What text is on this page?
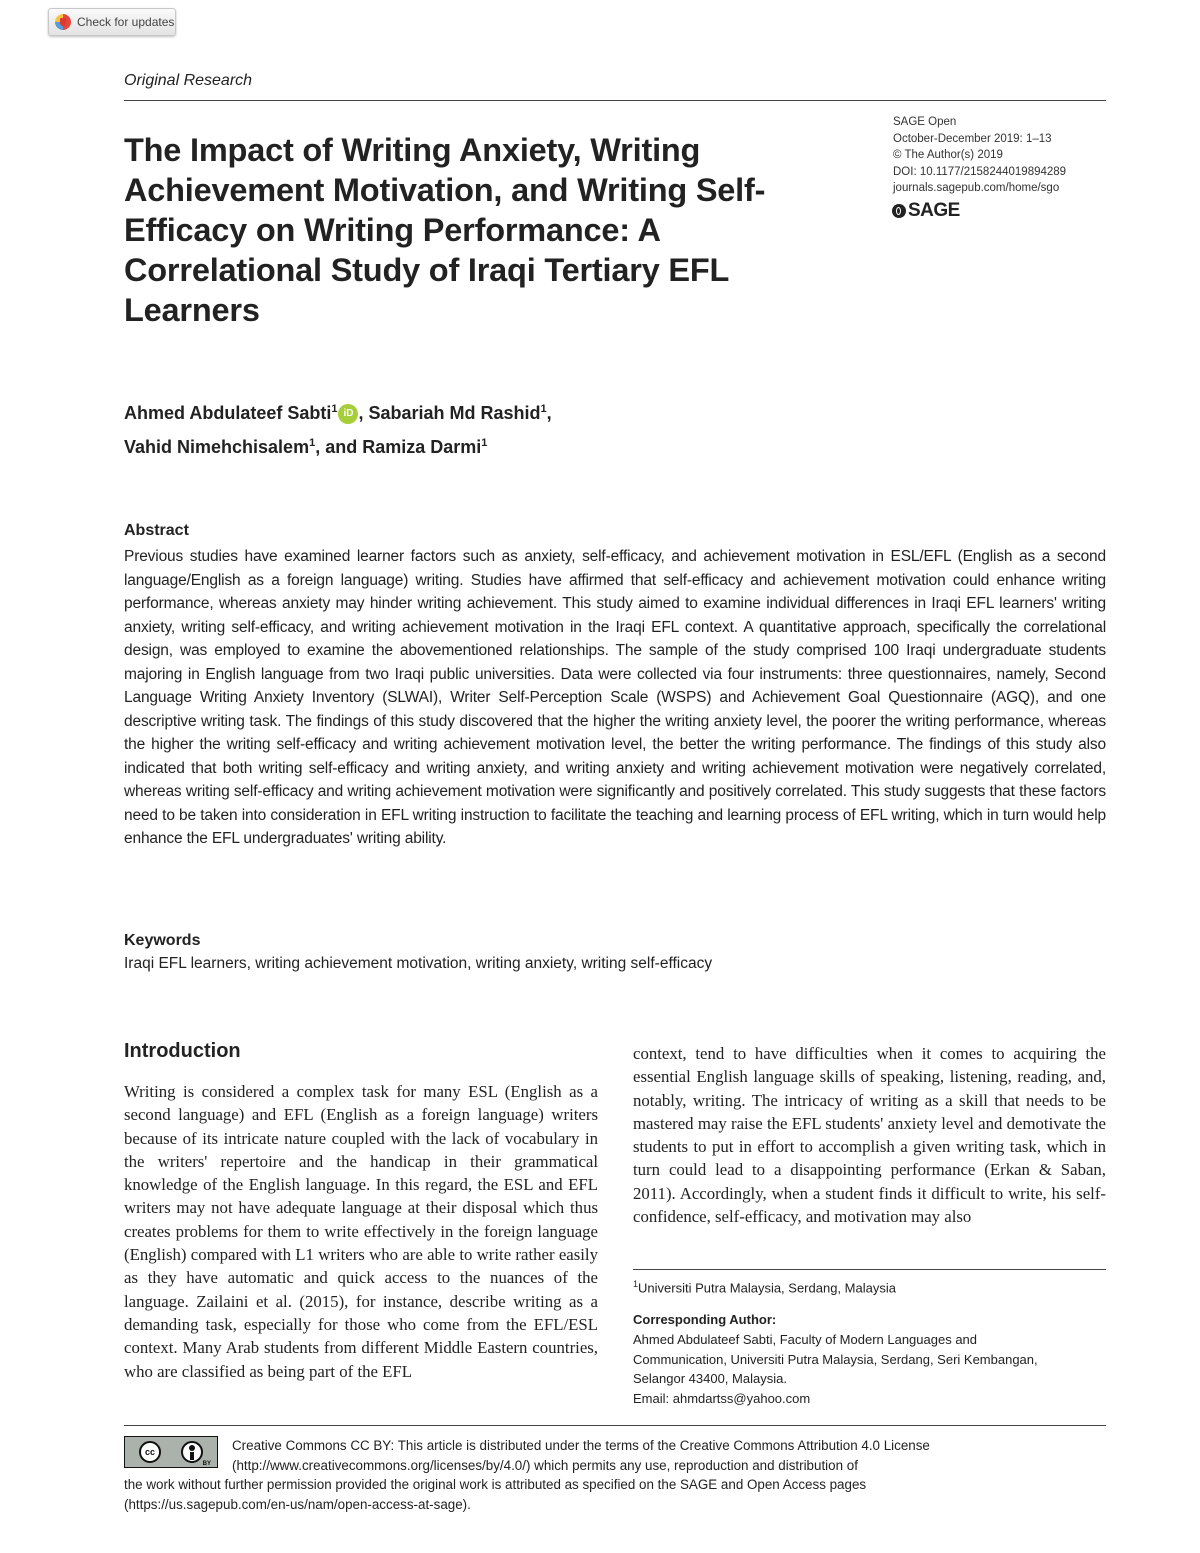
Check for updates
Original Research
The Impact of Writing Anxiety, Writing Achievement Motivation, and Writing Self-Efficacy on Writing Performance: A Correlational Study of Iraqi Tertiary EFL Learners
SAGE Open
October-December 2019: 1–13
© The Author(s) 2019
DOI: 10.1177/2158244019894289
journals.sagepub.com/home/sgo
SAGE
Ahmed Abdulateef Sabti$^1$ iD , Sabariah Md Rashid$^1$,
Vahid Nimehchisalem$^1$, and Ramiza Darmi$^1$
Abstract

Previous studies have examined learner factors such as anxiety, self-efficacy, and achievement motivation in ESL/EFL (English as a second language/English as a foreign language) writing. Studies have affirmed that self-efficacy and achievement motivation could enhance writing performance, whereas anxiety may hinder writing achievement. This study aimed to examine individual differences in Iraqi EFL learners' writing anxiety, writing self-efficacy, and writing achievement motivation in the Iraqi EFL context. A quantitative approach, specifically the correlational design, was employed to examine the abovementioned relationships. The sample of the study comprised 100 Iraqi undergraduate students majoring in English language from two Iraqi public universities. Data were collected via four instruments: three questionnaires, namely, Second Language Writing Anxiety Inventory (SLWAI), Writer Self-Perception Scale (WSPS) and Achievement Goal Questionnaire (AGQ), and one descriptive writing task. The findings of this study discovered that the higher the writing anxiety level, the poorer the writing performance, whereas the higher the writing self-efficacy and writing achievement motivation level, the better the writing performance. The findings of this study also indicated that both writing self-efficacy and writing anxiety, and writing anxiety and writing achievement motivation were negatively correlated, whereas writing self-efficacy and writing achievement motivation were significantly and positively correlated. This study suggests that these factors need to be taken into consideration in EFL writing instruction to facilitate the teaching and learning process of EFL writing, which in turn would help enhance the EFL undergraduates' writing ability.

Keywords
Iraqi EFL learners, writing achievement motivation, writing anxiety, writing self-efficacy
Introduction

Writing is considered a complex task for many ESL (English as a second language) and EFL (English as a foreign language) writers because of its intricate nature coupled with the lack of vocabulary in the writers' repertoire and the handicap in their grammatical knowledge of the English language. In this regard, the ESL and EFL writers may not have adequate language at their disposal which thus creates problems for them to write effectively in the foreign language (English) compared with L1 writers who are able to write rather easily as they have automatic and quick access to the nuances of the language. Zailaini et al. (2015), for instance, describe writing as a demanding task, especially for those who come from the EFL/ESL context. Many Arab students from different Middle Eastern countries, who are classified as being part of the EFL

context, tend to have difficulties when it comes to acquiring the essential English language skills of speaking, listening, reading, and, notably, writing. The intricacy of writing as a skill that needs to be mastered may raise the EFL students' anxiety level and demotivate the students to put in effort to accomplish a given writing task, which in turn could lead to a disappointing performance (Erkan & Saban, 2011). Accordingly, when a student finds it difficult to write, his self-confidence, self-efficacy, and motivation may also

$^1$Universiti Putra Malaysia, Serdang, Malaysia
Corresponding Author:
Ahmed Abdulateef Sabti, Faculty of Modern Languages and
Communication, Universiti Putra Malaysia, Serdang, Seri Kembangan,
Selangor 43400, Malaysia.
Email: ahmdartss@yahoo.com
cc
BY
Creative Commons CC BY: This article is distributed under the terms of the Creative Commons Attribution 4.0 License
(http://www.creativecommons.org/licenses/by/4.0/) which permits any use, reproduction and distribution of
the work without further permission provided the original work is attributed as specified on the SAGE and Open Access pages
(https://us.sagepub.com/en-us/nam/open-access-at-sage).
